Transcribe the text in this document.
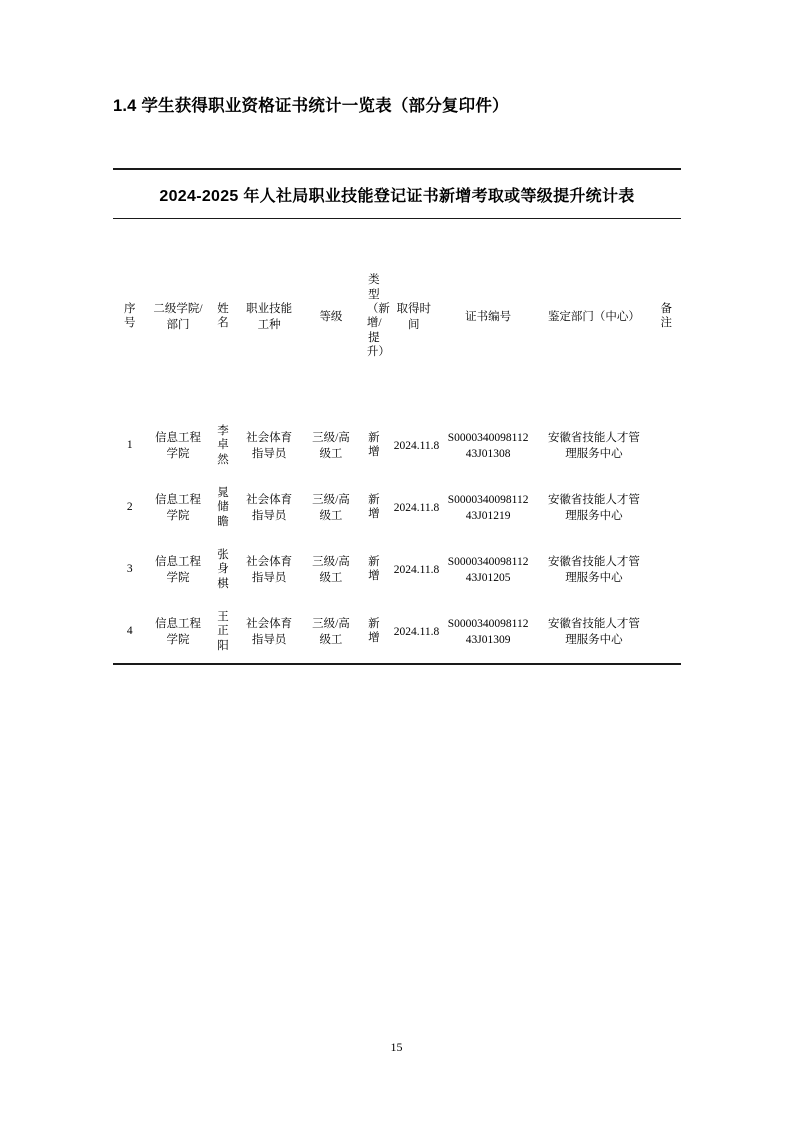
1.4 学生获得职业资格证书统计一览表（部分复印件）
2024-2025 年人社局职业技能登记证书新增考取或等级提升统计表
序号	二级学院/部门	姓名	职业技能工种	等级	类型（新增/提升）	取得时间	证书编号	鉴定部门（中心）	备注
1	信息工程学院	李卓然	社会体育指导员	三级/高级工	新增	2024.11.8	S000034009811243J01308	安徽省技能人才管理服务中心	
2	信息工程学院	晁储瞻	社会体育指导员	三级/高级工	新增	2024.11.8	S000034009811243J01219	安徽省技能人才管理服务中心	
3	信息工程学院	张身棋	社会体育指导员	三级/高级工	新增	2024.11.8	S000034009811243J01205	安徽省技能人才管理服务中心	
4	信息工程学院	王正阳	社会体育指导员	三级/高级工	新增	2024.11.8	S000034009811243J01309	安徽省技能人才管理服务中心	
15
